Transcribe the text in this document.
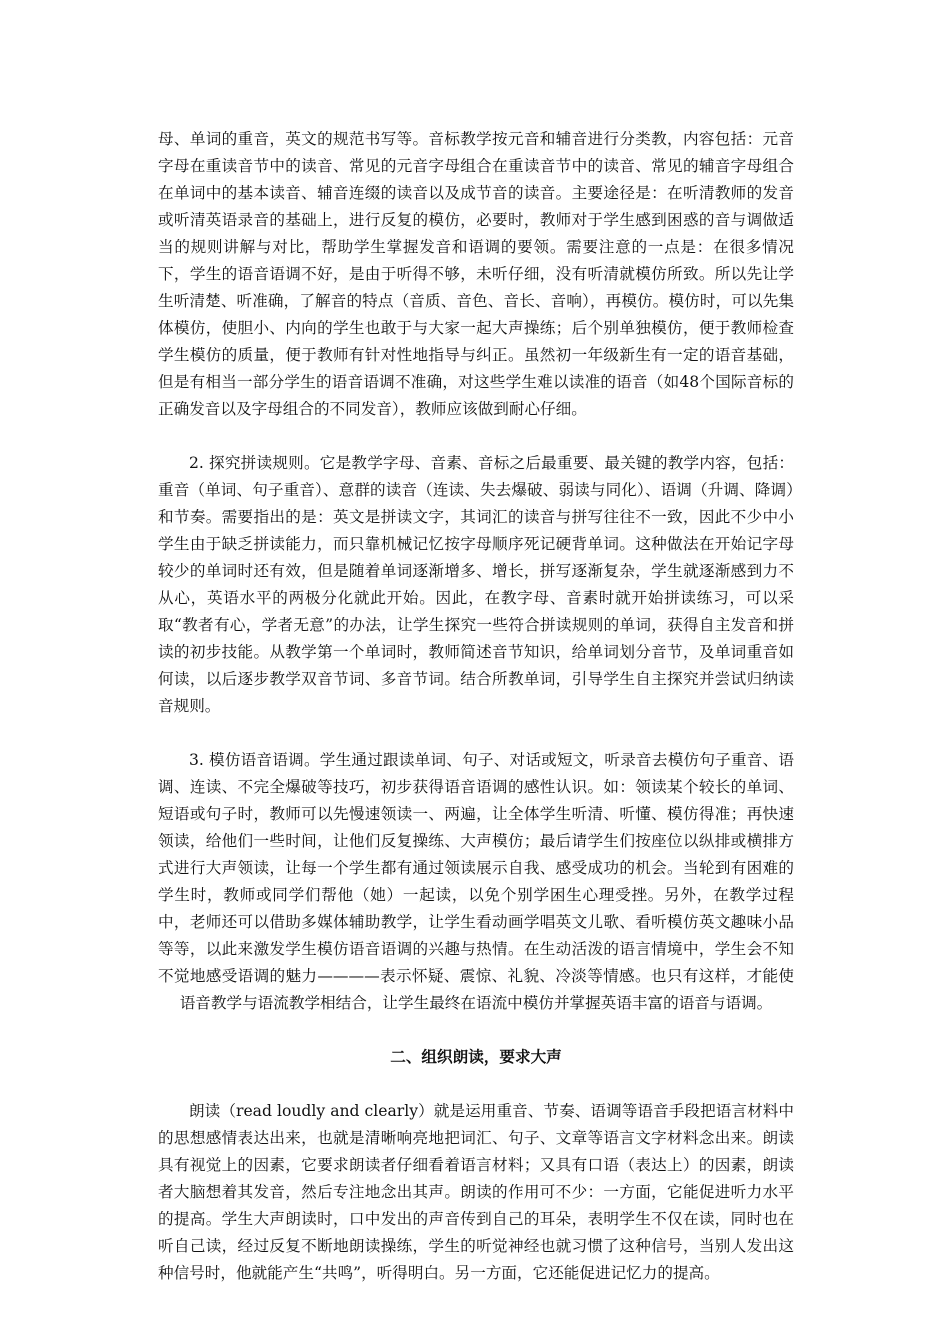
母、单词的重音，英文的规范书写等。音标教学按元音和辅音进行分类教，内容包括：元音字母在重读音节中的读音、常见的元音字母组合在重读音节中的读音、常见的辅音字母组合在单词中的基本读音、辅音连缀的读音以及成节音的读音。主要途径是：在听清教师的发音或听清英语录音的基础上，进行反复的模仿，必要时，教师对于学生感到困惑的音与调做适当的规则讲解与对比，帮助学生掌握发音和语调的要领。需要注意的一点是：在很多情况下，学生的语音语调不好，是由于听得不够，未听仔细，没有听清就模仿所致。所以先让学生听清楚、听准确，了解音的特点（音质、音色、音长、音响），再模仿。模仿时，可以先集体模仿，使胆小、内向的学生也敢于与大家一起大声操练；后个别单独模仿，便于教师检查学生模仿的质量，便于教师有针对性地指导与纠正。虽然初一年级新生有一定的语音基础，但是有相当一部分学生的语音语调不准确，对这些学生难以读准的语音（如48个国际音标的正确发音以及字母组合的不同发音），教师应该做到耐心仔细。

2. 探究拼读规则。它是教学字母、音素、音标之后最重要、最关键的教学内容，包括：重音（单词、句子重音）、意群的读音（连读、失去爆破、弱读与同化）、语调（升调、降调）和节奏。需要指出的是：英文是拼读文字，其词汇的读音与拼写往往不一致，因此不少中小学生由于缺乏拼读能力，而只靠机械记忆按字母顺序死记硬背单词。这种做法在开始记字母较少的单词时还有效，但是随着单词逐渐增多、增长，拼写逐渐复杂，学生就逐渐感到力不从心，英语水平的两极分化就此开始。因此，在教字母、音素时就开始拼读练习，可以采取“教者有心，学者无意”的办法，让学生探究一些符合拼读规则的单词，获得自主发音和拼读的初步技能。从教学第一个单词时，教师简述音节知识，给单词划分音节，及单词重音如何读，以后逐步教学双音节词、多音节词。结合所教单词，引导学生自主探究并尝试归纳读音规则。

3. 模仿语音语调。学生通过跟读单词、句子、对话或短文，听录音去模仿句子重音、语调、连读、不完全爆破等技巧，初步获得语音语调的感性认识。如：领读某个较长的单词、短语或句子时，教师可以先慢速领读一、两遍，让全体学生听清、听懂、模仿得准；再快速领读，给他们一些时间，让他们反复操练、大声模仿；最后请学生们按座位以纵排或横排方式进行大声领读，让每一个学生都有通过领读展示自我、感受成功的机会。当轮到有困难的学生时，教师或同学们帮他（她）一起读，以免个别学困生心理受挫。另外，在教学过程中，老师还可以借助多媒体辅助教学，让学生看动画学唱英文儿歌、看听模仿英文趣味小品等等，以此来激发学生模仿语音语调的兴趣与热情。在生动活泼的语言情境中，学生会不知不觉地感受语调的魅力————表示怀疑、震惊、礼貌、冷淡等情感。也只有这样，才能使语音教学与语流教学相结合，让学生最终在语流中模仿并掌握英语丰富的语音与语调。

二、组织朗读，要求大声

朗读（read loudly and clearly）就是运用重音、节奏、语调等语音手段把语言材料中的思想感情表达出来，也就是清晰响亮地把词汇、句子、文章等语言文字材料念出来。朗读具有视觉上的因素，它要求朗读者仔细看着语言材料；又具有口语（表达上）的因素，朗读者大脑想着其发音，然后专注地念出其声。朗读的作用可不少：一方面，它能促进听力水平的提高。学生大声朗读时，口中发出的声音传到自己的耳朵，表明学生不仅在读，同时也在听自己读，经过反复不断地朗读操练，学生的听觉神经也就习惯了这种信号，当别人发出这种信号时，他就能产生“共鸣”，听得明白。另一方面，它还能促进记忆力的提高。
